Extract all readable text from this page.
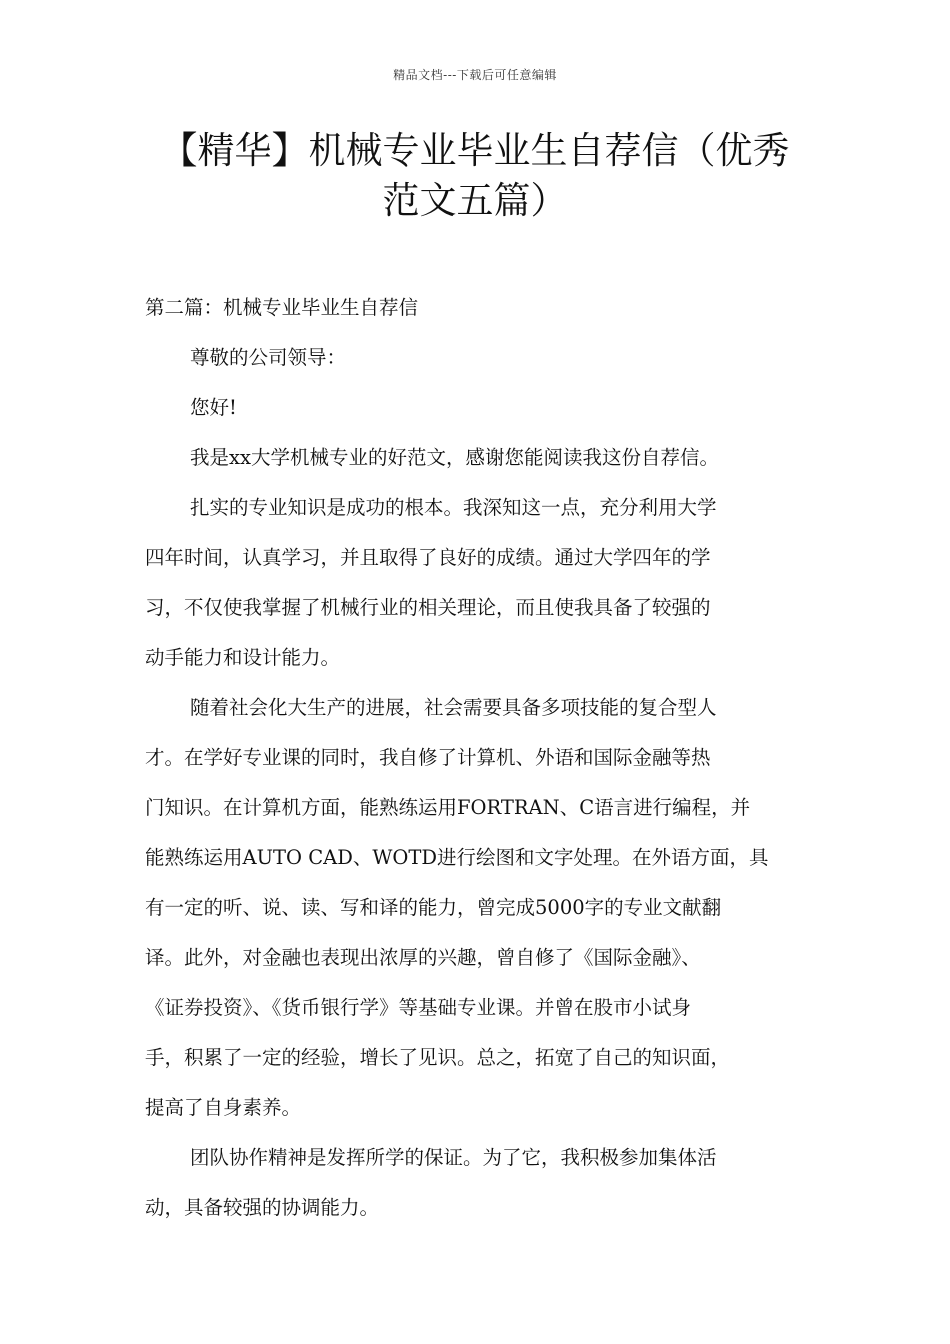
精品文档---下载后可任意编辑
【精华】机械专业毕业生自荐信（优秀
范文五篇）
第二篇：机械专业毕业生自荐信
尊敬的公司领导：
您好!
我是xx大学机械专业的好范文，感谢您能阅读我这份自荐信。
扎实的专业知识是成功的根本。我深知这一点，充分利用大学
四年时间，认真学习，并且取得了良好的成绩。通过大学四年的学
习，不仅使我掌握了机械行业的相关理论，而且使我具备了较强的
动手能力和设计能力。
随着社会化大生产的进展，社会需要具备多项技能的复合型人
才。在学好专业课的同时，我自修了计算机、外语和国际金融等热
门知识。在计算机方面，能熟练运用FORTRAN、C语言进行编程，并
能熟练运用AUTO CAD、WOTD进行绘图和文字处理。在外语方面，具
有一定的听、说、读、写和译的能力，曾完成5000字的专业文献翻
译。此外，对金融也表现出浓厚的兴趣，曾自修了《国际金融》、
《证券投资》、《货币银行学》等基础专业课。并曾在股市小试身
手，积累了一定的经验，增长了见识。总之，拓宽了自己的知识面，
提高了自身素养。
团队协作精神是发挥所学的保证。为了它，我积极参加集体活
动，具备较强的协调能力。
